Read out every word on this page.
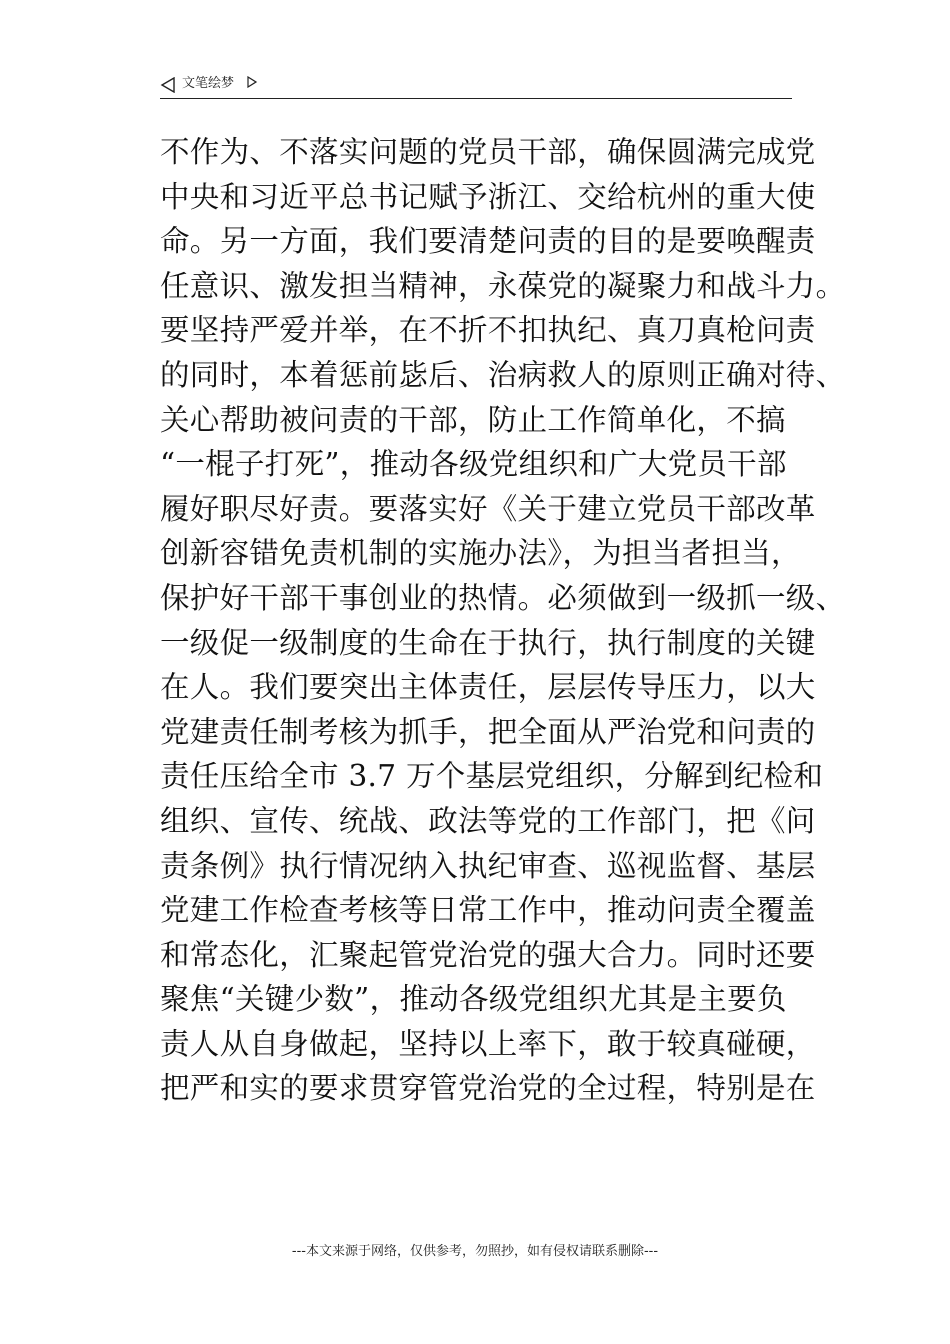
文笔绘梦
不作为、不落实问题的党员干部，确保圆满完成党
中央和习近平总书记赋予浙江、交给杭州的重大使
命。另一方面，我们要清楚问责的目的是要唤醒责
任意识、激发担当精神，永葆党的凝聚力和战斗力。
要坚持严爱并举，在不折不扣执纪、真刀真枪问责
的同时，本着惩前毖后、治病救人的原则正确对待、
关心帮助被问责的干部，防止工作简单化，不搞
“一棍子打死”，推动各级党组织和广大党员干部
履好职尽好责。要落实好《关于建立党员干部改革
创新容错免责机制的实施办法》，为担当者担当，
保护好干部干事创业的热情。必须做到一级抓一级、
一级促一级制度的生命在于执行，执行制度的关键
在人。我们要突出主体责任，层层传导压力，以大
党建责任制考核为抓手，把全面从严治党和问责的
责任压给全市 3.7 万个基层党组织，分解到纪检和
组织、宣传、统战、政法等党的工作部门，把《问
责条例》执行情况纳入执纪审查、巡视监督、基层
党建工作检查考核等日常工作中，推动问责全覆盖
和常态化，汇聚起管党治党的强大合力。同时还要
聚焦“关键少数”，推动各级党组织尤其是主要负
责人从自身做起，坚持以上率下，敢于较真碰硬，
把严和实的要求贯穿管党治党的全过程，特别是在
---本文来源于网络，仅供参考，勿照抄，如有侵权请联系删除---
